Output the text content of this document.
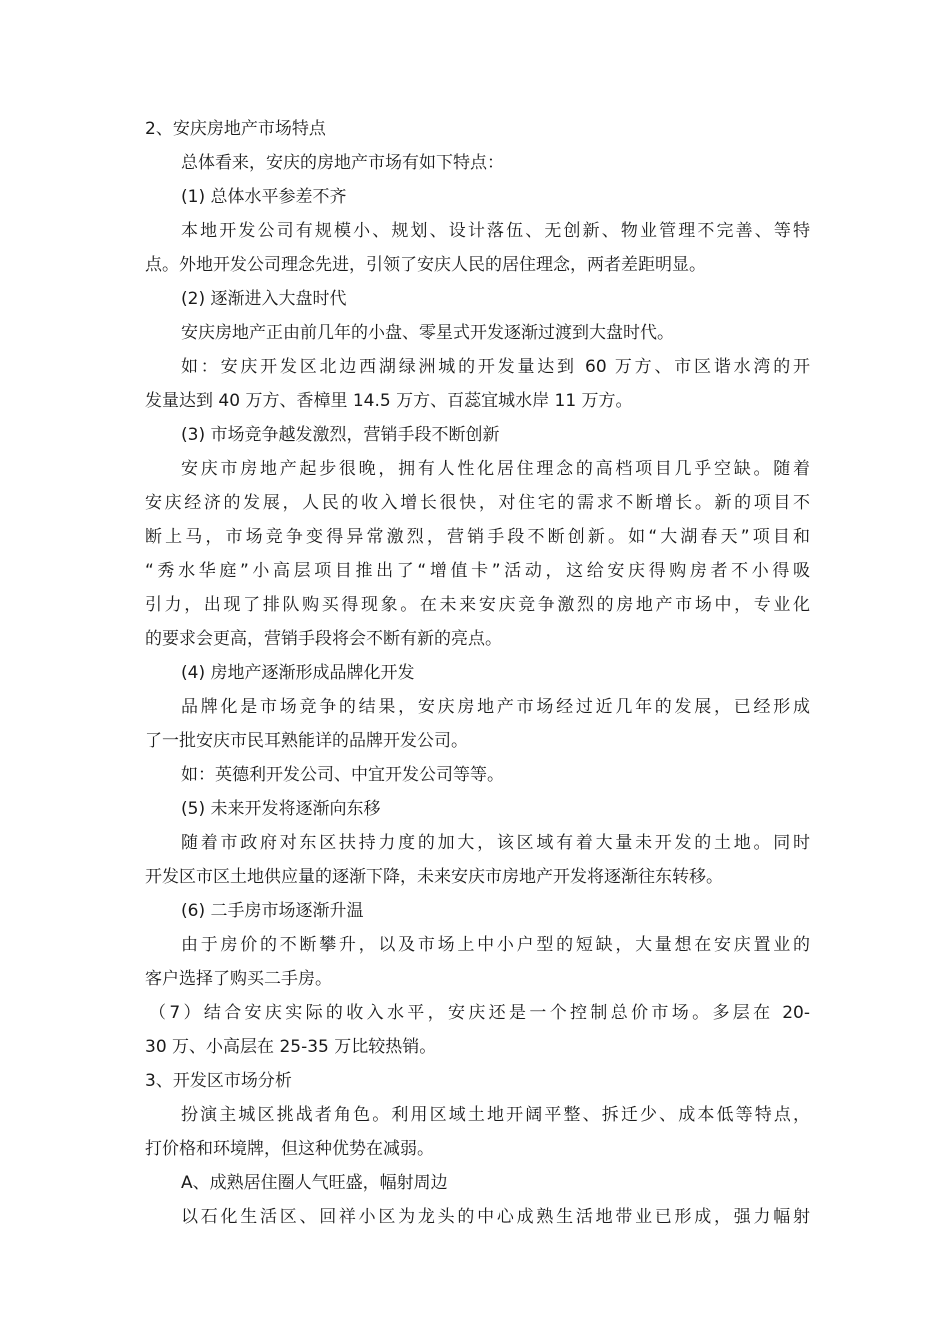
2、安庆房地产市场特点
总体看来，安庆的房地产市场有如下特点：
(1) 总体水平参差不齐
本地开发公司有规模小、规划、设计落伍、无创新、物业管理不完善、等特
点。外地开发公司理念先进，引领了安庆人民的居住理念，两者差距明显。
(2) 逐渐进入大盘时代
安庆房地产正由前几年的小盘、零星式开发逐渐过渡到大盘时代。
如：安庆开发区北边西湖绿洲城的开发量达到 60 万方、市区谐水湾的开
发量达到 40 万方、香樟里 14.5 万方、百蕊宜城水岸 11 万方。
(3) 市场竞争越发激烈，营销手段不断创新
安庆市房地产起步很晚，拥有人性化居住理念的高档项目几乎空缺。随着
安庆经济的发展，人民的收入增长很快，对住宅的需求不断增长。新的项目不
断上马，市场竞争变得异常激烈，营销手段不断创新。如“大湖春天”项目和
“秀水华庭”小高层项目推出了“增值卡”活动，这给安庆得购房者不小得吸
引力，出现了排队购买得现象。在未来安庆竞争激烈的房地产市场中，专业化
的要求会更高，营销手段将会不断有新的亮点。
(4) 房地产逐渐形成品牌化开发
品牌化是市场竞争的结果，安庆房地产市场经过近几年的发展，已经形成
了一批安庆市民耳熟能详的品牌开发公司。
如：英德利开发公司、中宜开发公司等等。
(5) 未来开发将逐渐向东移
随着市政府对东区扶持力度的加大，该区域有着大量未开发的土地。同时
开发区市区土地供应量的逐渐下降，未来安庆市房地产开发将逐渐往东转移。
(6) 二手房市场逐渐升温
由于房价的不断攀升，以及市场上中小户型的短缺，大量想在安庆置业的
客户选择了购买二手房。
（7）结合安庆实际的收入水平，安庆还是一个控制总价市场。多层在 20-
30 万、小高层在 25-35 万比较热销。
3、开发区市场分析
扮演主城区挑战者角色。利用区域土地开阔平整、拆迁少、成本低等特点，
打价格和环境牌，但这种优势在减弱。
A、成熟居住圈人气旺盛，幅射周边
以石化生活区、回祥小区为龙头的中心成熟生活地带业已形成，强力幅射
